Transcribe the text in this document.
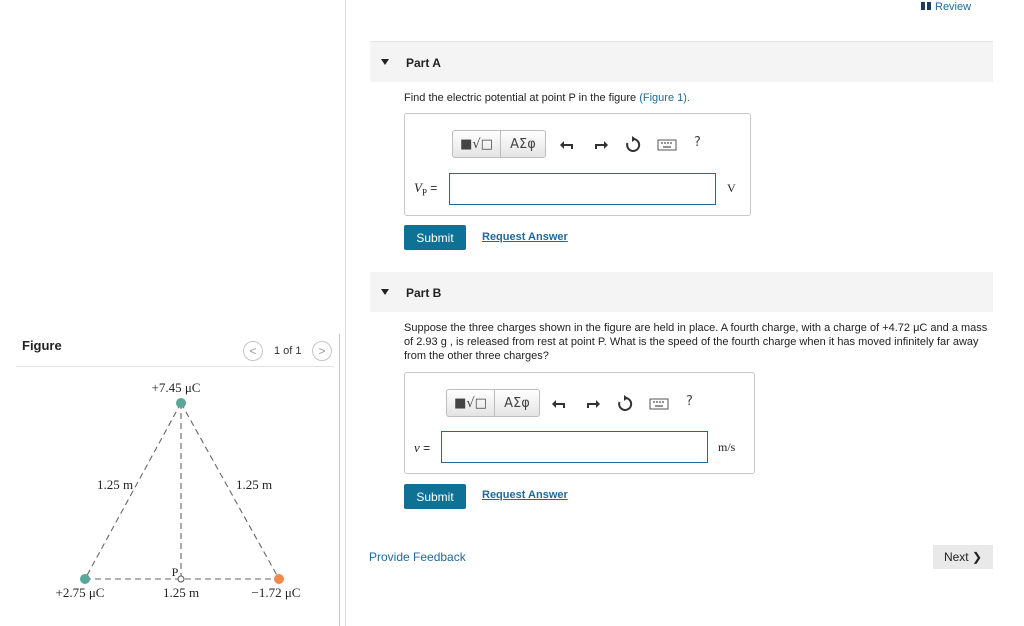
Figure	<	1 of 1	>
+7.45 μC
+2.75 μC	−1.72 μC
1.25 m	1.25 m
1.25 m
P
Review
Part A
Find the electric potential at point P in the figure (Figure 1).
■√□	ΑΣφ	?
$V_P$ =	V
Submit	Request Answer
Part B
Suppose the three charges shown in the figure are held in place. A fourth charge, with a charge of +4.72 μC and a mass of 2.93 g , is released from rest at point P. What is the speed of the fourth charge when it has moved infinitely far away from the other three charges?
■√□	ΑΣφ	?
v =	m/s
Submit	Request Answer
Provide Feedback	Next ❯
